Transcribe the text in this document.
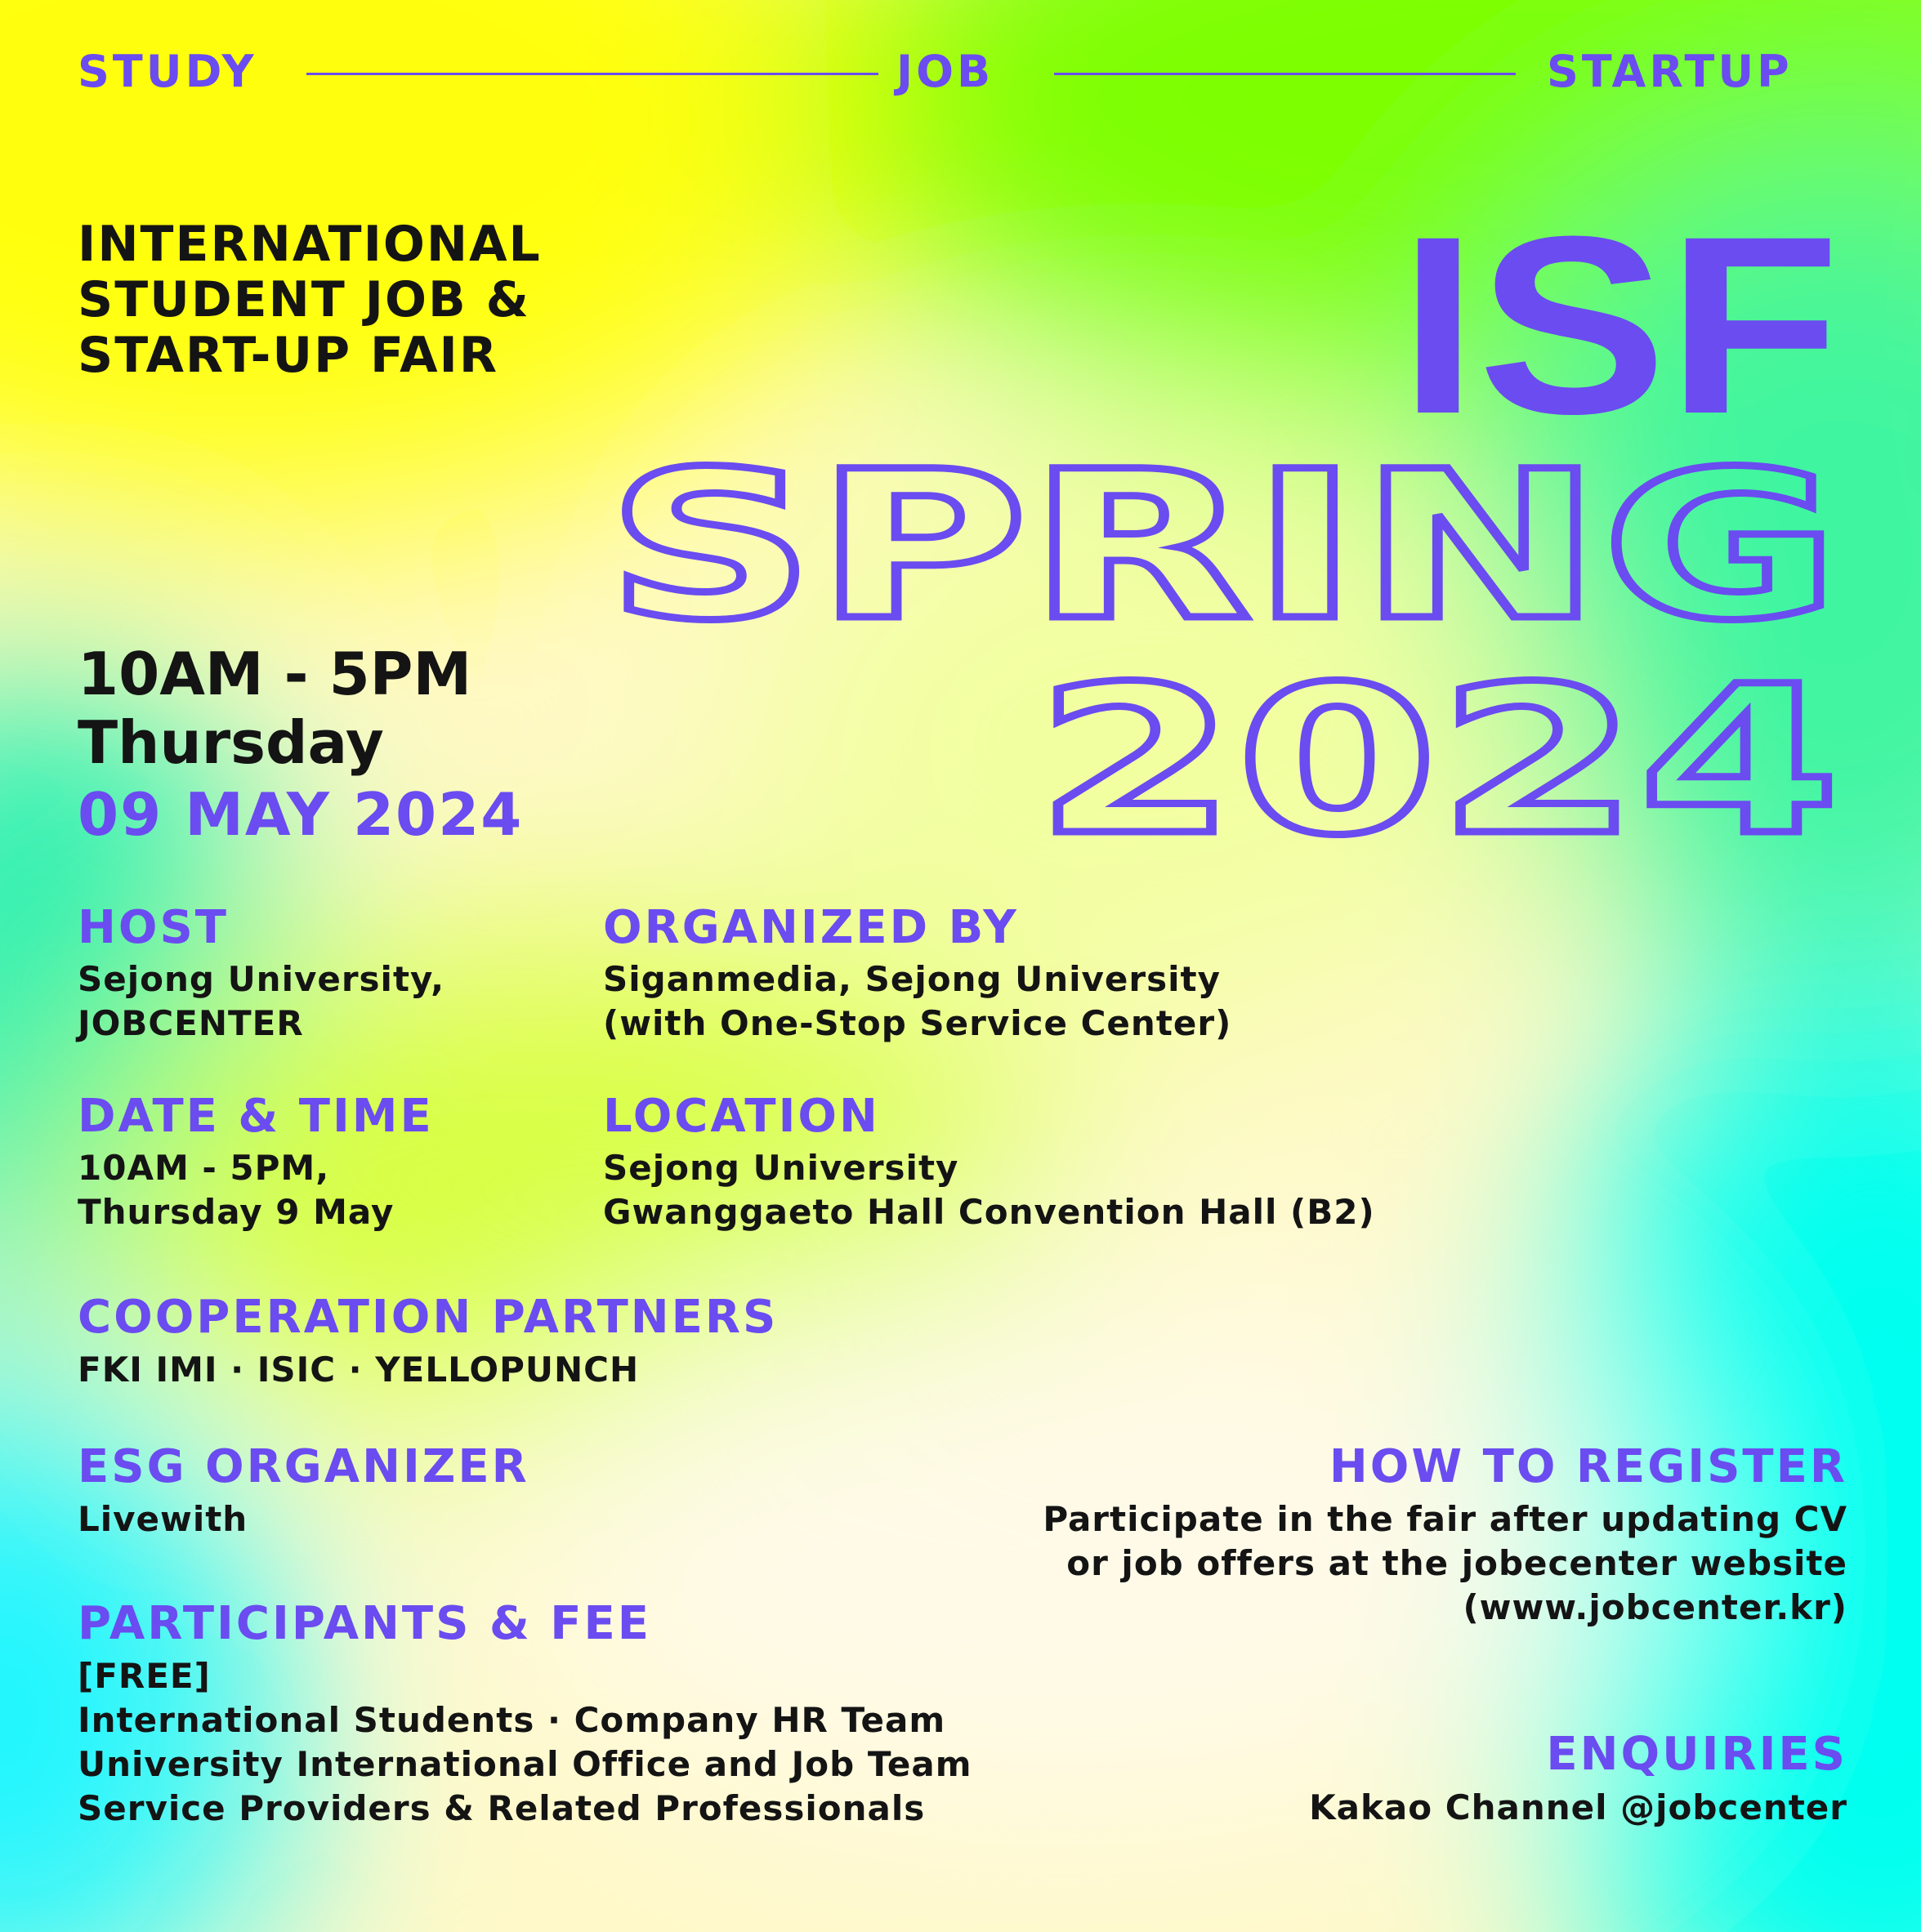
STUDY	JOB	STARTUP
INTERNATIONAL
STUDENT JOB &
START-UP FAIR	ISF
SPRING
2024
10AM - 5PM
Thursday
09 MAY 2024
HOST
Sejong University,
JOBCENTER
ORGANIZED BY
Siganmedia, Sejong University
(with One-Stop Service Center)
DATE & TIME
10AM - 5PM,
Thursday 9 May
LOCATION
Sejong University
Gwanggaeto Hall Convention Hall (B2)
COOPERATION PARTNERS
FKI IMI · ISIC · YELLOPUNCH
ESG ORGANIZER
Livewith
PARTICIPANTS & FEE
[FREE]
International Students · Company HR Team
University International Office and Job Team
Service Providers & Related Professionals
HOW TO REGISTER
Participate in the fair after updating CV
or job offers at the jobecenter website
(www.jobcenter.kr)
ENQUIRIES
Kakao Channel @jobcenter
